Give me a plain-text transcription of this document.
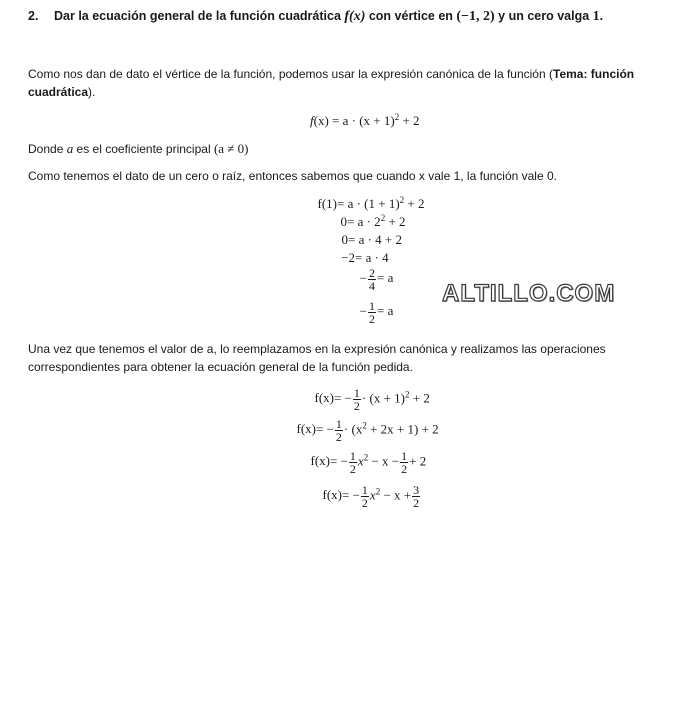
2. Dar la ecuación general de la función cuadrática f(x) con vértice en (−1, 2) y un cero valga 1.
Como nos dan de dato el vértice de la función, podemos usar la expresión canónica de la función (Tema: función cuadrática).
$f(x) = a \cdot (x + 1)^2 + 2$
Donde a es el coeficiente principal (a ≠ 0)
Como tenemos el dato de un cero o raíz, entonces sabemos que cuando x vale 1, la función vale 0.
$f(1)= a \cdot (1 + 1)^2 + 2$
$0= a \cdot 2^2 + 2$
0= a · 4 + 2
−2= a · 4
− $\frac{2}{4} = a$
− $\frac{1}{2} = a$
ALTILLO.COM
Una vez que tenemos el valor de a, lo reemplazamos en la expresión canónica y realizamos las operaciones correspondientes para obtener la ecuación general de la función pedida.
$f(x)= - \frac{1}{2} \cdot (x + 1)^2 + 2$
$f(x)= - \frac{1}{2} \cdot (x^2 + 2x + 1) + 2$
$f(x)= - \frac{1}{2} x^2 - x - \frac{1}{2} + 2$
$f(x)= - \frac{1}{2} x^2 - x + \frac{3}{2}$
